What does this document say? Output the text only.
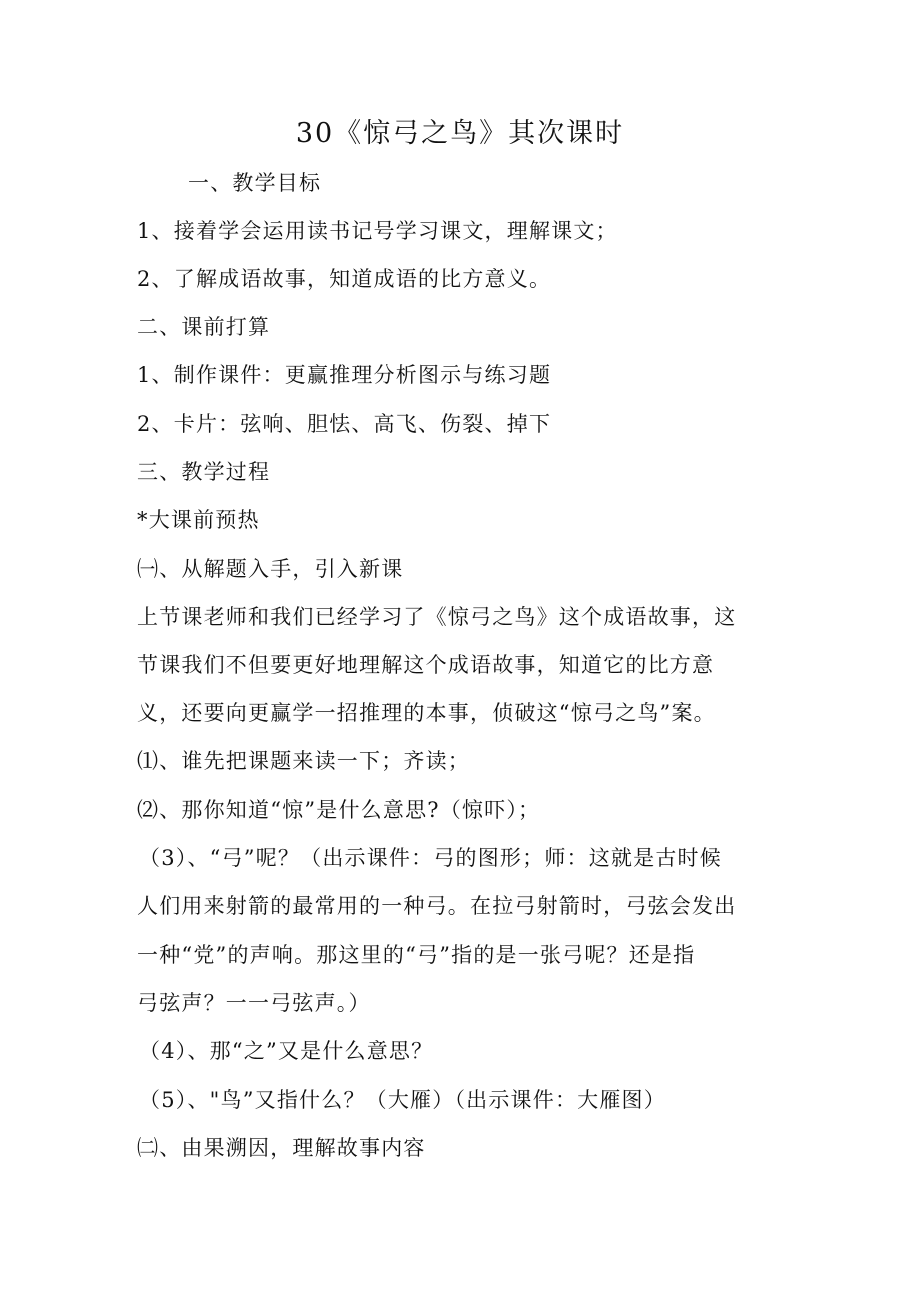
30《惊弓之鸟》其次课时
一、教学目标
1、接着学会运用读书记号学习课文，理解课文；
2、了解成语故事，知道成语的比方意义。
二、课前打算
1、制作课件：更赢推理分析图示与练习题
2、卡片：弦响、胆怯、高飞、伤裂、掉下
三、教学过程
*大课前预热
㈠、从解题入手，引入新课
上节课老师和我们已经学习了《惊弓之鸟》这个成语故事，这
节课我们不但要更好地理解这个成语故事，知道它的比方意
义，还要向更赢学一招推理的本事，侦破这“惊弓之鸟”案。
⑴、谁先把课题来读一下；齐读；
⑵、那你知道“惊”是什么意思?（惊吓）；
（3）、“弓”呢？（出示课件：弓的图形；师：这就是古时候
人们用来射箭的最常用的一种弓。在拉弓射箭时，弓弦会发出
一种“党”的声响。那这里的“弓”指的是一张弓呢？还是指
弓弦声？一一弓弦声。）
（4）、那“之”又是什么意思？
（5）、"鸟”又指什么？（大雁）（出示课件：大雁图）
㈡、由果溯因，理解故事内容
